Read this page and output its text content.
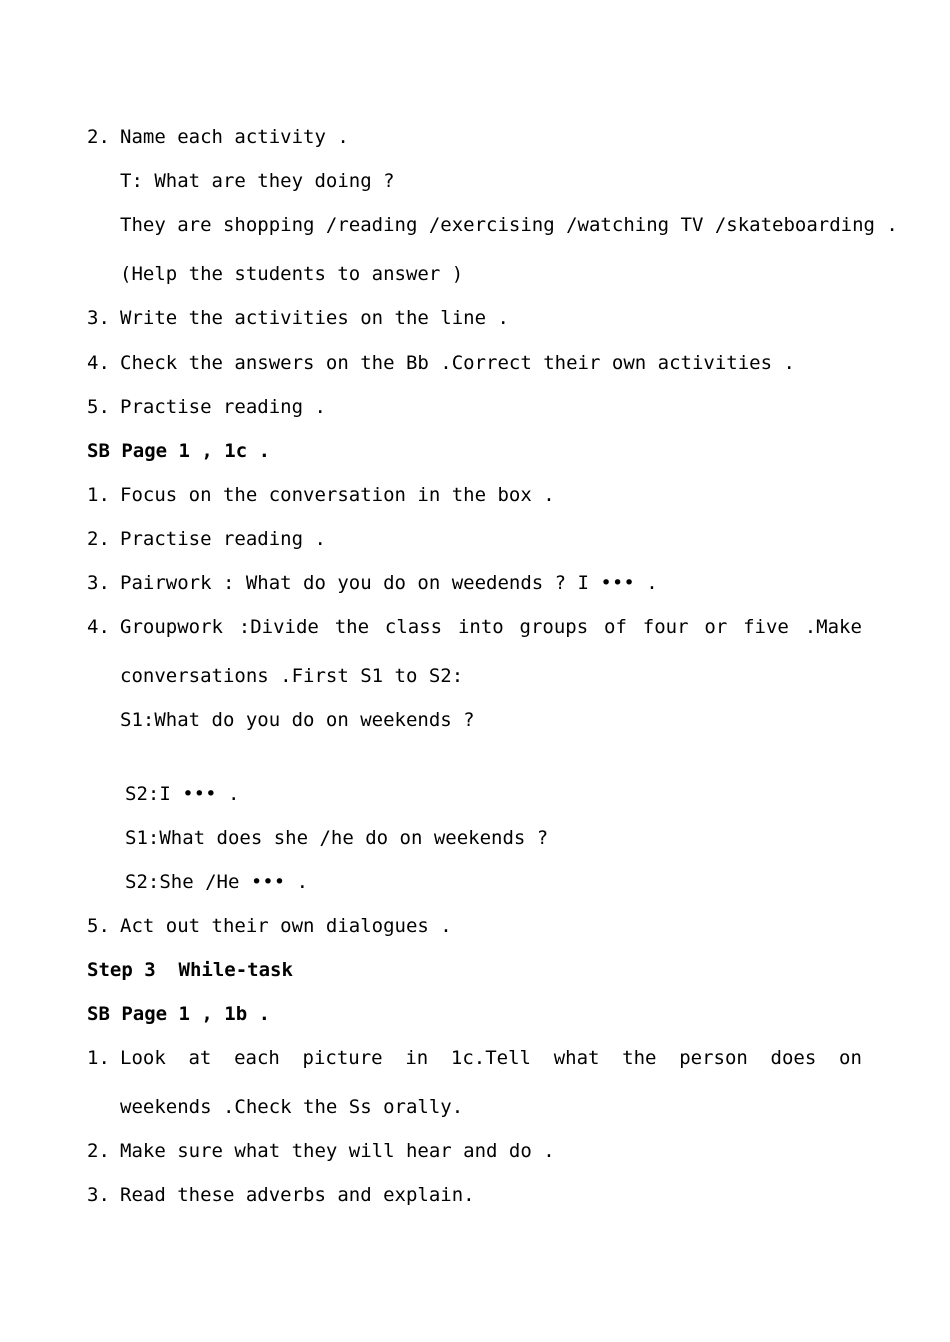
2. Name each activity .
T: What are they doing ?
They are shopping /reading /exercising /watching TV /skateboarding .
(Help the students to answer )
3. Write the activities on the line .
4. Check the answers on the Bb .Correct their own activities .
5. Practise reading .
SB Page 1 , 1c .
1. Focus on the conversation in the box .
2. Practise reading .
3. Pairwork : What do you do on weedends ? I ••• .
4. Groupwork :Divide the class into groups of four or five .Make
conversations .First S1 to S2:
S1:What do you do on weekends ?
S2:I ••• .
S1:What does she /he do on weekends ?
S2:She /He ••• .
5. Act out their own dialogues .
Step 3  While-task
SB Page 1 , 1b .
1. Look at each picture in 1c.Tell what the person does on
weekends .Check the Ss orally.
2. Make sure what they will hear and do .
3. Read these adverbs and explain.
